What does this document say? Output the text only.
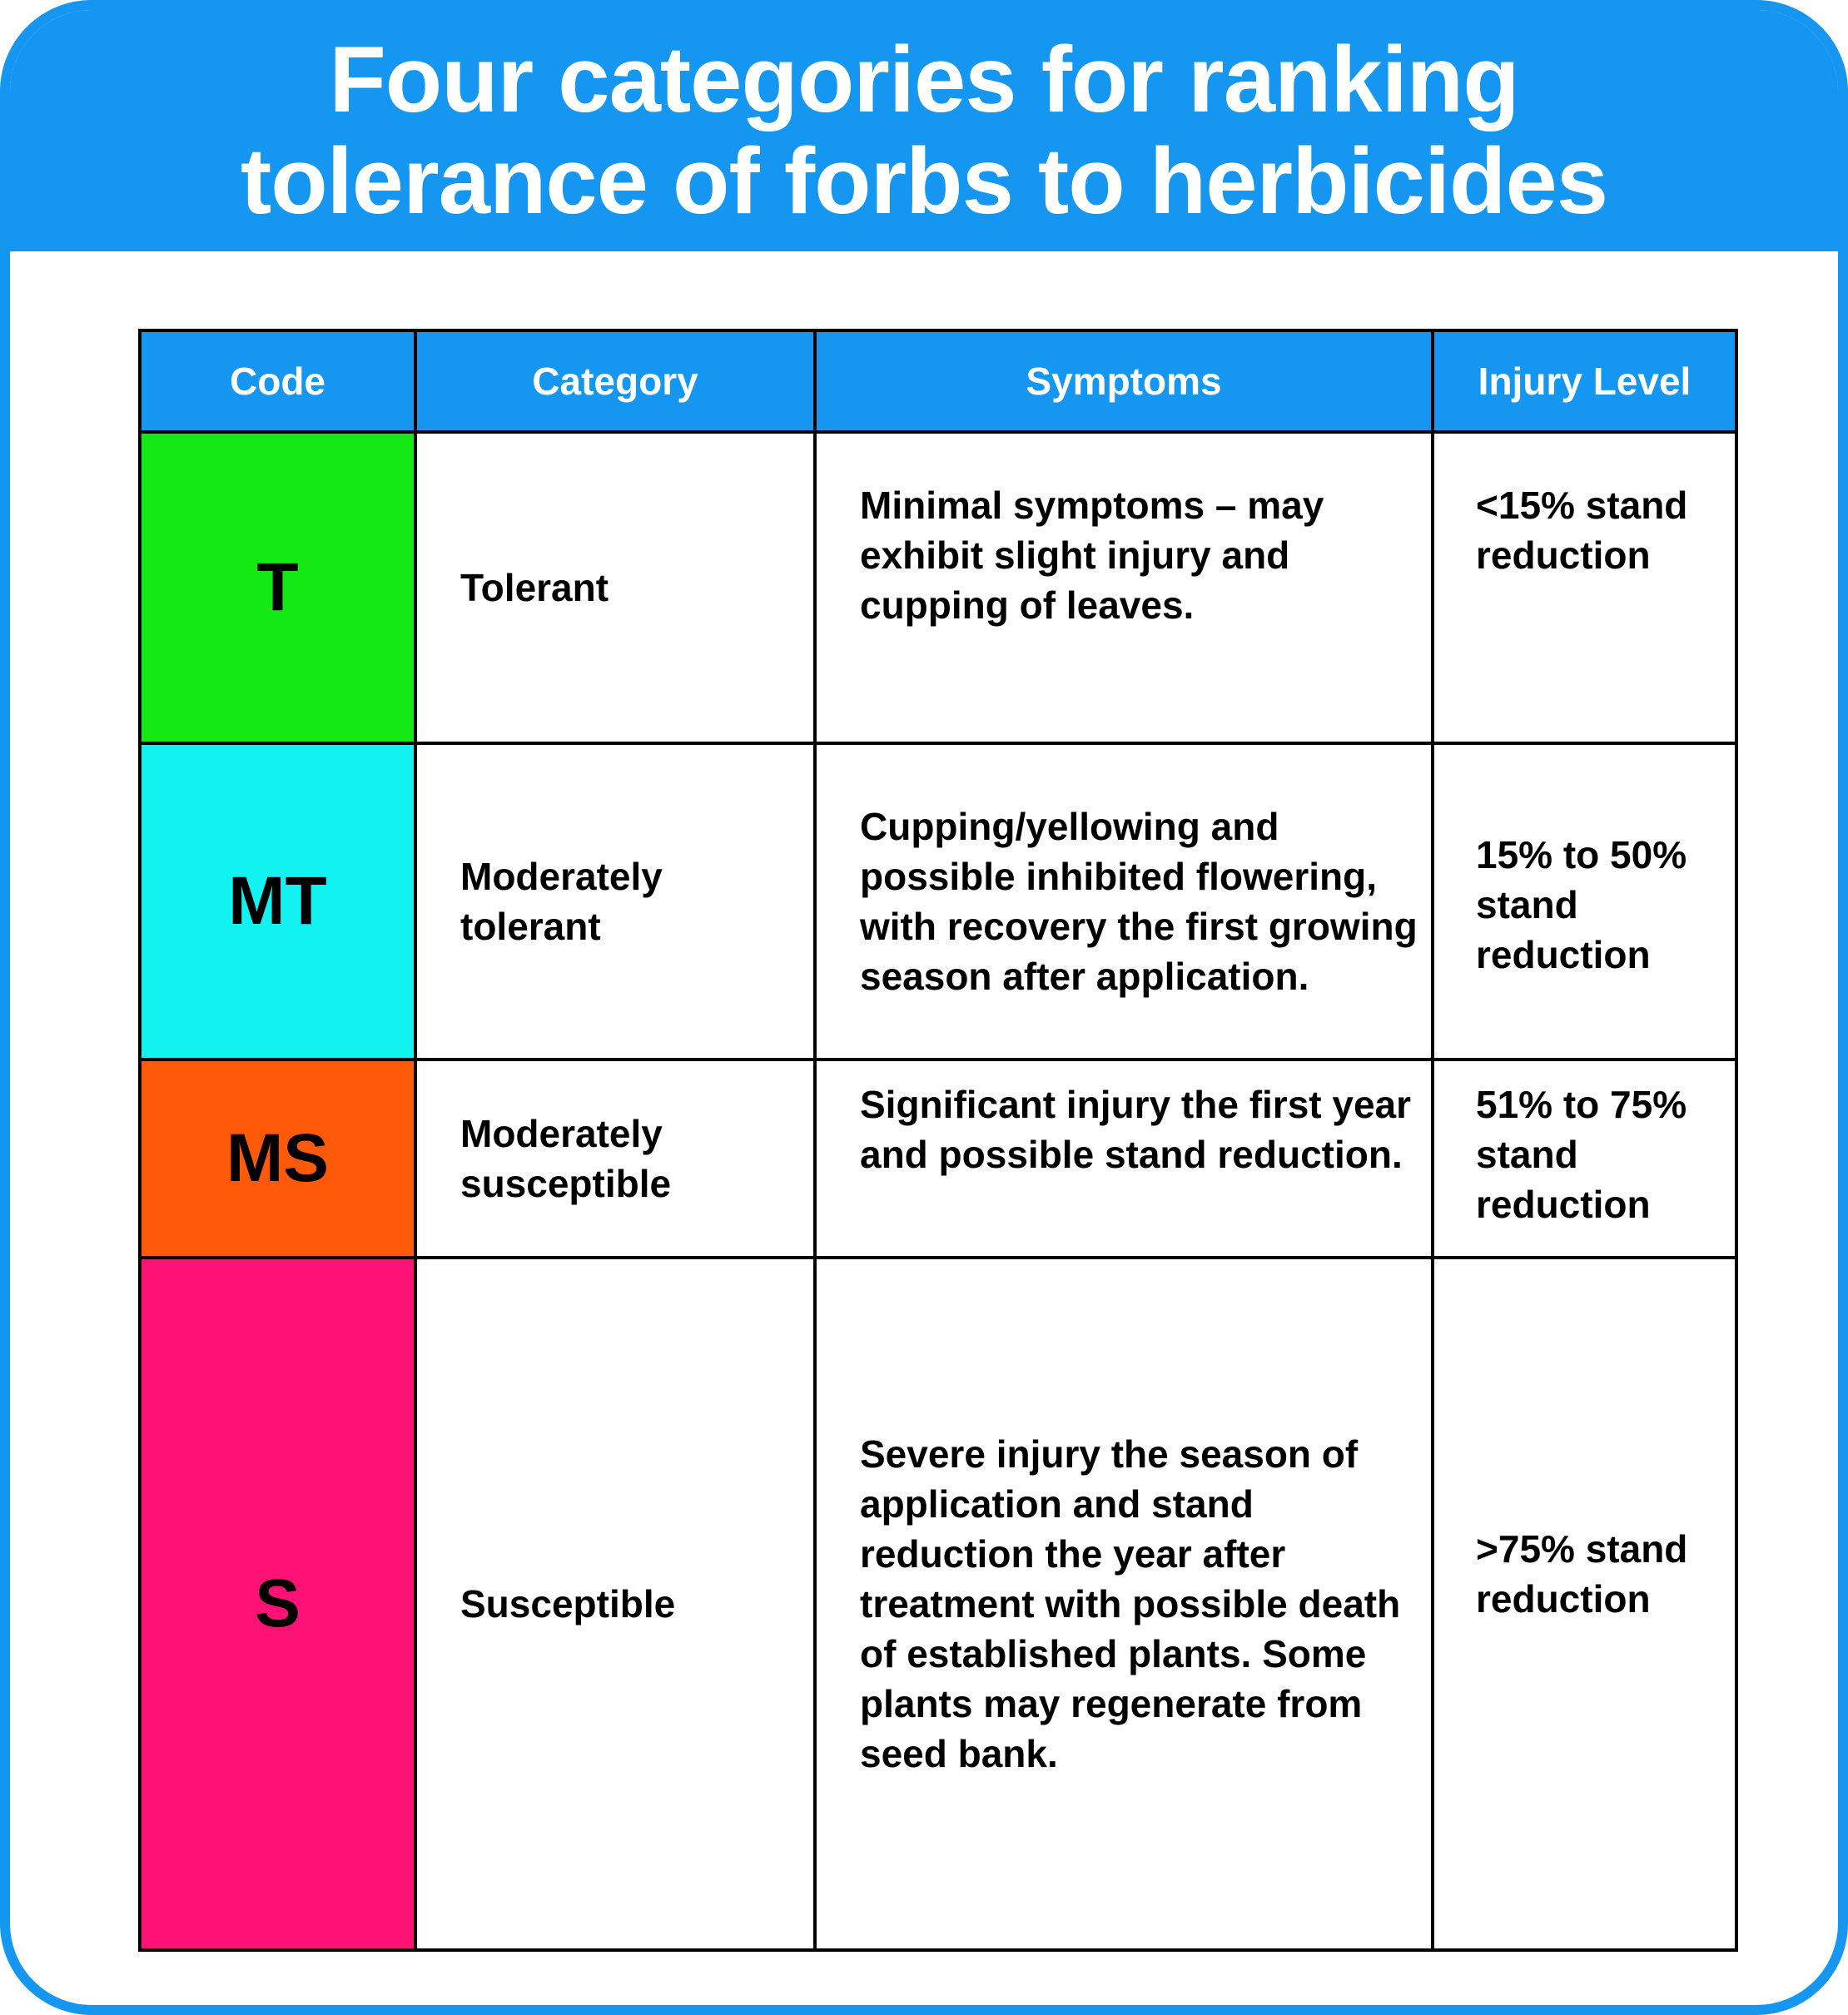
Four categories for ranking
tolerance of forbs to herbicides
Code	Category	Symptoms	Injury Level
T	Tolerant	Minimal symptoms – may exhibit slight injury and cupping of leaves.	<15% stand reduction
MT	Moderately tolerant	Cupping/yellowing and possible inhibited flowering, with recovery the first growing season after application.	15% to 50% stand reduction
MS	Moderately susceptible	Significant injury the first year and possible stand reduction.	51% to 75% stand reduction
S	Susceptible	Severe injury the season of application and stand reduction the year after treatment with possible death of established plants. Some plants may regenerate from seed bank.	>75% stand reduction
